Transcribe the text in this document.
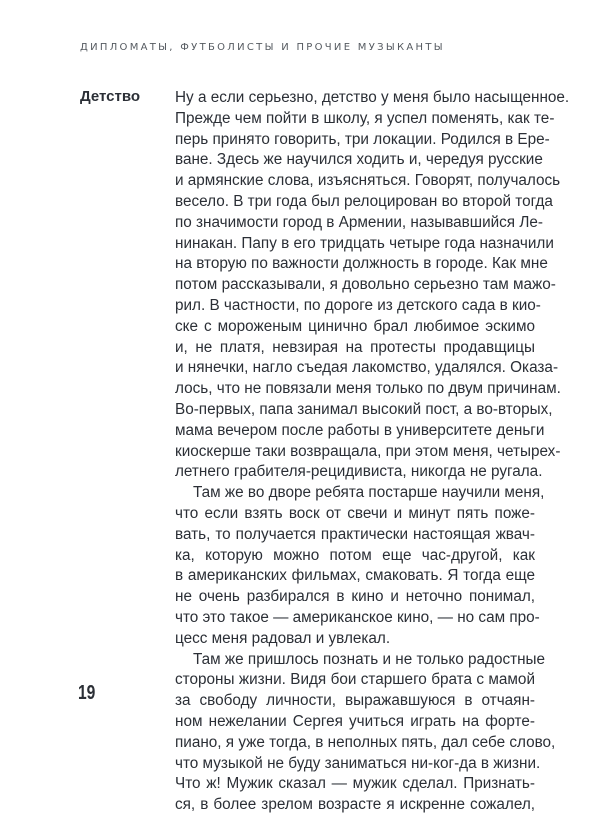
ДИПЛОМАТЫ, ФУТБОЛИСТЫ И ПРОЧИЕ МУЗЫКАНТЫ
Детство Ну а если серьезно, детство у меня было насыщенное.
Прежде чем пойти в школу, я успел поменять, как те-
перь принято говорить, три локации. Родился в Ере-
ване. Здесь же научился ходить и, чередуя русские
и армянские слова, изъясняться. Говорят, получалось
весело. В три года был релоцирован во второй тогда
по значимости город в Армении, называвшийся Ле-
нинакан. Папу в его тридцать четыре года назначили
на вторую по важности должность в городе. Как мне
потом рассказывали, я довольно серьезно там мажо-
рил. В частности, по дороге из детского сада в кио-
ске с мороженым цинично брал любимое эскимо
и, не платя, невзирая на протесты продавщицы
и нянечки, нагло съедая лакомство, удалялся. Оказа-
лось, что не повязали меня только по двум причинам.
Во-первых, папа занимал высокий пост, а во-вторых,
мама вечером после работы в университете деньги
киоскерше таки возвращала, при этом меня, четырех-
летнего грабителя-рецидивиста, никогда не ругала.
Там же во дворе ребята постарше научили меня,
что если взять воск от свечи и минут пять поже-
вать, то получается практически настоящая жвач-
ка, которую можно потом еще час-другой, как
в американских фильмах, смаковать. Я тогда еще
не очень разбирался в кино и неточно понимал,
что это такое — американское кино, — но сам про-
цесс меня радовал и увлекал.
Там же пришлось познать и не только радостные
стороны жизни. Видя бои старшего брата с мамой
за свободу личности, выражавшуюся в отчаян-
ном нежелании Сергея учиться играть на форте-
пиано, я уже тогда, в неполных пять, дал себе слово,
что музыкой не буду заниматься ни-ког-да в жизни.
Что ж! Мужик сказал — мужик сделал. Признать-
ся, в более зрелом возрасте я искренне сожалел,
19
